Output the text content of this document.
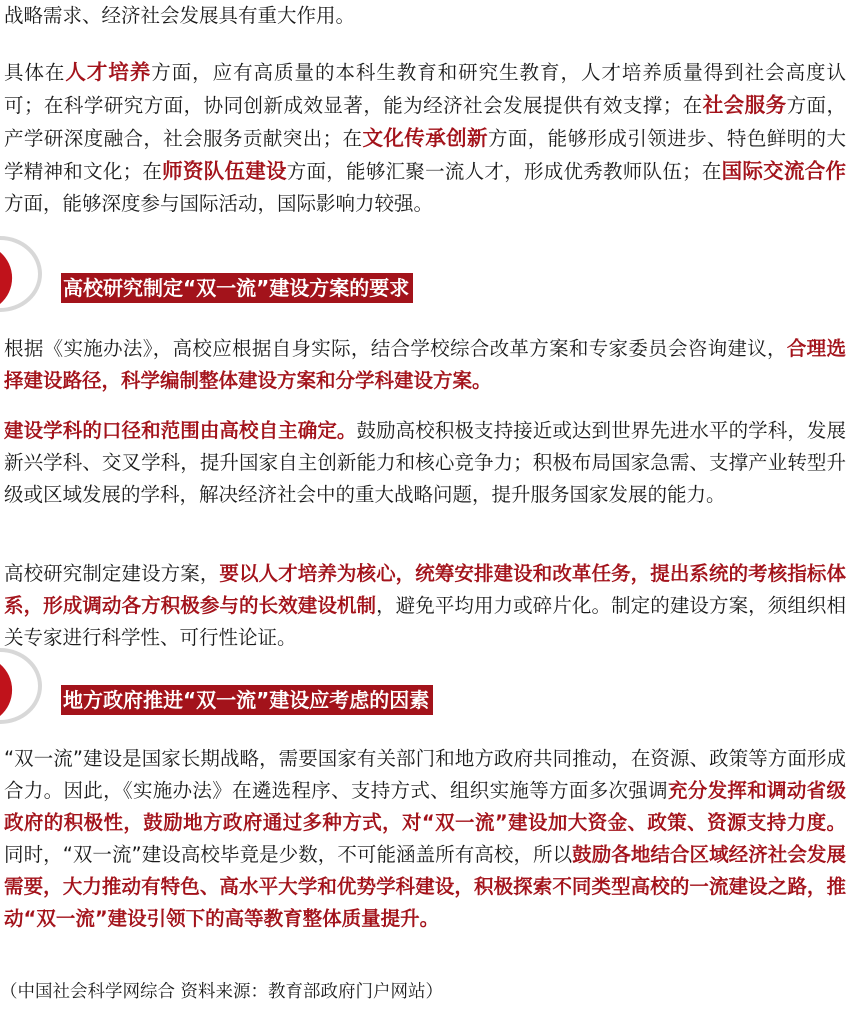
战略需求、经济社会发展具有重大作用。

具体在人才培养方面，应有高质量的本科生教育和研究生教育，人才培养质量得到社会高度认可；在科学研究方面，协同创新成效显著，能为经济社会发展提供有效支撑；在社会服务方面，产学研深度融合，社会服务贡献突出；在文化传承创新方面，能够形成引领进步、特色鲜明的大学精神和文化；在师资队伍建设方面，能够汇聚一流人才，形成优秀教师队伍；在国际交流合作方面，能够深度参与国际活动，国际影响力较强。

16	高校研究制定“双一流”建设方案的要求

根据《实施办法》，高校应根据自身实际，结合学校综合改革方案和专家委员会咨询建议，合理选择建设路径，科学编制整体建设方案和分学科建设方案。

建设学科的口径和范围由高校自主确定。鼓励高校积极支持接近或达到世界先进水平的学科，发展新兴学科、交叉学科，提升国家自主创新能力和核心竞争力；积极布局国家急需、支撑产业转型升级或区域发展的学科，解决经济社会中的重大战略问题，提升服务国家发展的能力。

高校研究制定建设方案，要以人才培养为核心，统筹安排建设和改革任务，提出系统的考核指标体系，形成调动各方积极参与的长效建设机制，避免平均用力或碎片化。制定的建设方案，须组织相关专家进行科学性、可行性论证。

17	地方政府推进“双一流”建设应考虑的因素

“双一流”建设是国家长期战略，需要国家有关部门和地方政府共同推动，在资源、政策等方面形成合力。因此，《实施办法》在遴选程序、支持方式、组织实施等方面多次强调充分发挥和调动省级政府的积极性，鼓励地方政府通过多种方式，对“双一流”建设加大资金、政策、资源支持力度。同时，“双一流”建设高校毕竟是少数，不可能涵盖所有高校，所以鼓励各地结合区域经济社会发展需要，大力推动有特色、高水平大学和优势学科建设，积极探索不同类型高校的一流建设之路，推动“双一流”建设引领下的高等教育整体质量提升。

（中国社会科学网综合 资料来源：教育部政府门户网站）
